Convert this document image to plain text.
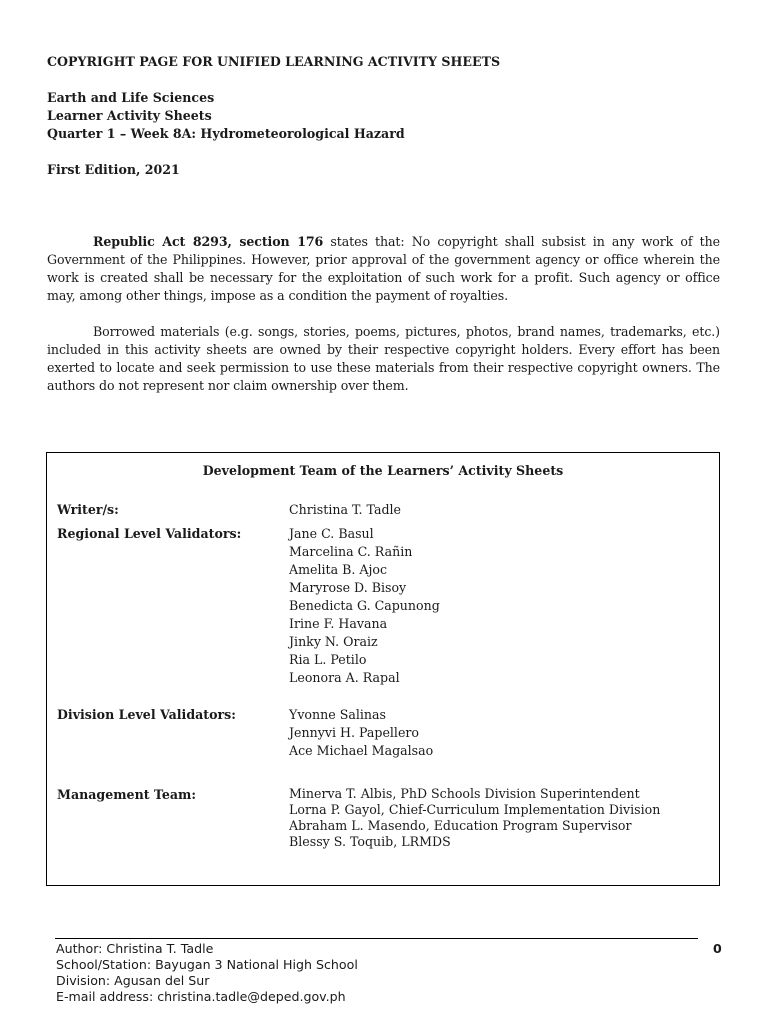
COPYRIGHT PAGE FOR UNIFIED LEARNING ACTIVITY SHEETS
Earth and Life Sciences
Learner Activity Sheets
Quarter 1 – Week 8A: Hydrometeorological Hazard
First Edition, 2021
Republic Act 8293, section 176 states that: No copyright shall subsist in any work of the Government of the Philippines. However, prior approval of the government agency or office wherein the work is created shall be necessary for the exploitation of such work for a profit. Such agency or office may, among other things, impose as a condition the payment of royalties.
Borrowed materials (e.g. songs, stories, poems, pictures, photos, brand names, trademarks, etc.) included in this activity sheets are owned by their respective copyright holders. Every effort has been exerted to locate and seek permission to use these materials from their respective copyright owners. The authors do not represent nor claim ownership over them.
Development Team of the Learners’ Activity Sheets
Writer/s:	Christina T. Tadle
Regional Level Validators:	Jane C. Basul
Marcelina C. Rañin
Amelita B. Ajoc
Maryrose D. Bisoy
Benedicta G. Capunong
Irine F. Havana
Jinky N. Oraiz
Ria L. Petilo
Leonora A. Rapal
Division Level Validators:	Yvonne Salinas
Jennyvi H. Papellero
Ace Michael Magalsao
Management Team:	Minerva T. Albis, PhD Schools Division Superintendent
Lorna P. Gayol, Chief-Curriculum Implementation Division
Abraham L. Masendo, Education Program Supervisor
Blessy S. Toquib, LRMDS
Author: Christina T. Tadle
School/Station: Bayugan 3 National High School
Division: Agusan del Sur
E-mail address: christina.tadle@deped.gov.ph
0
